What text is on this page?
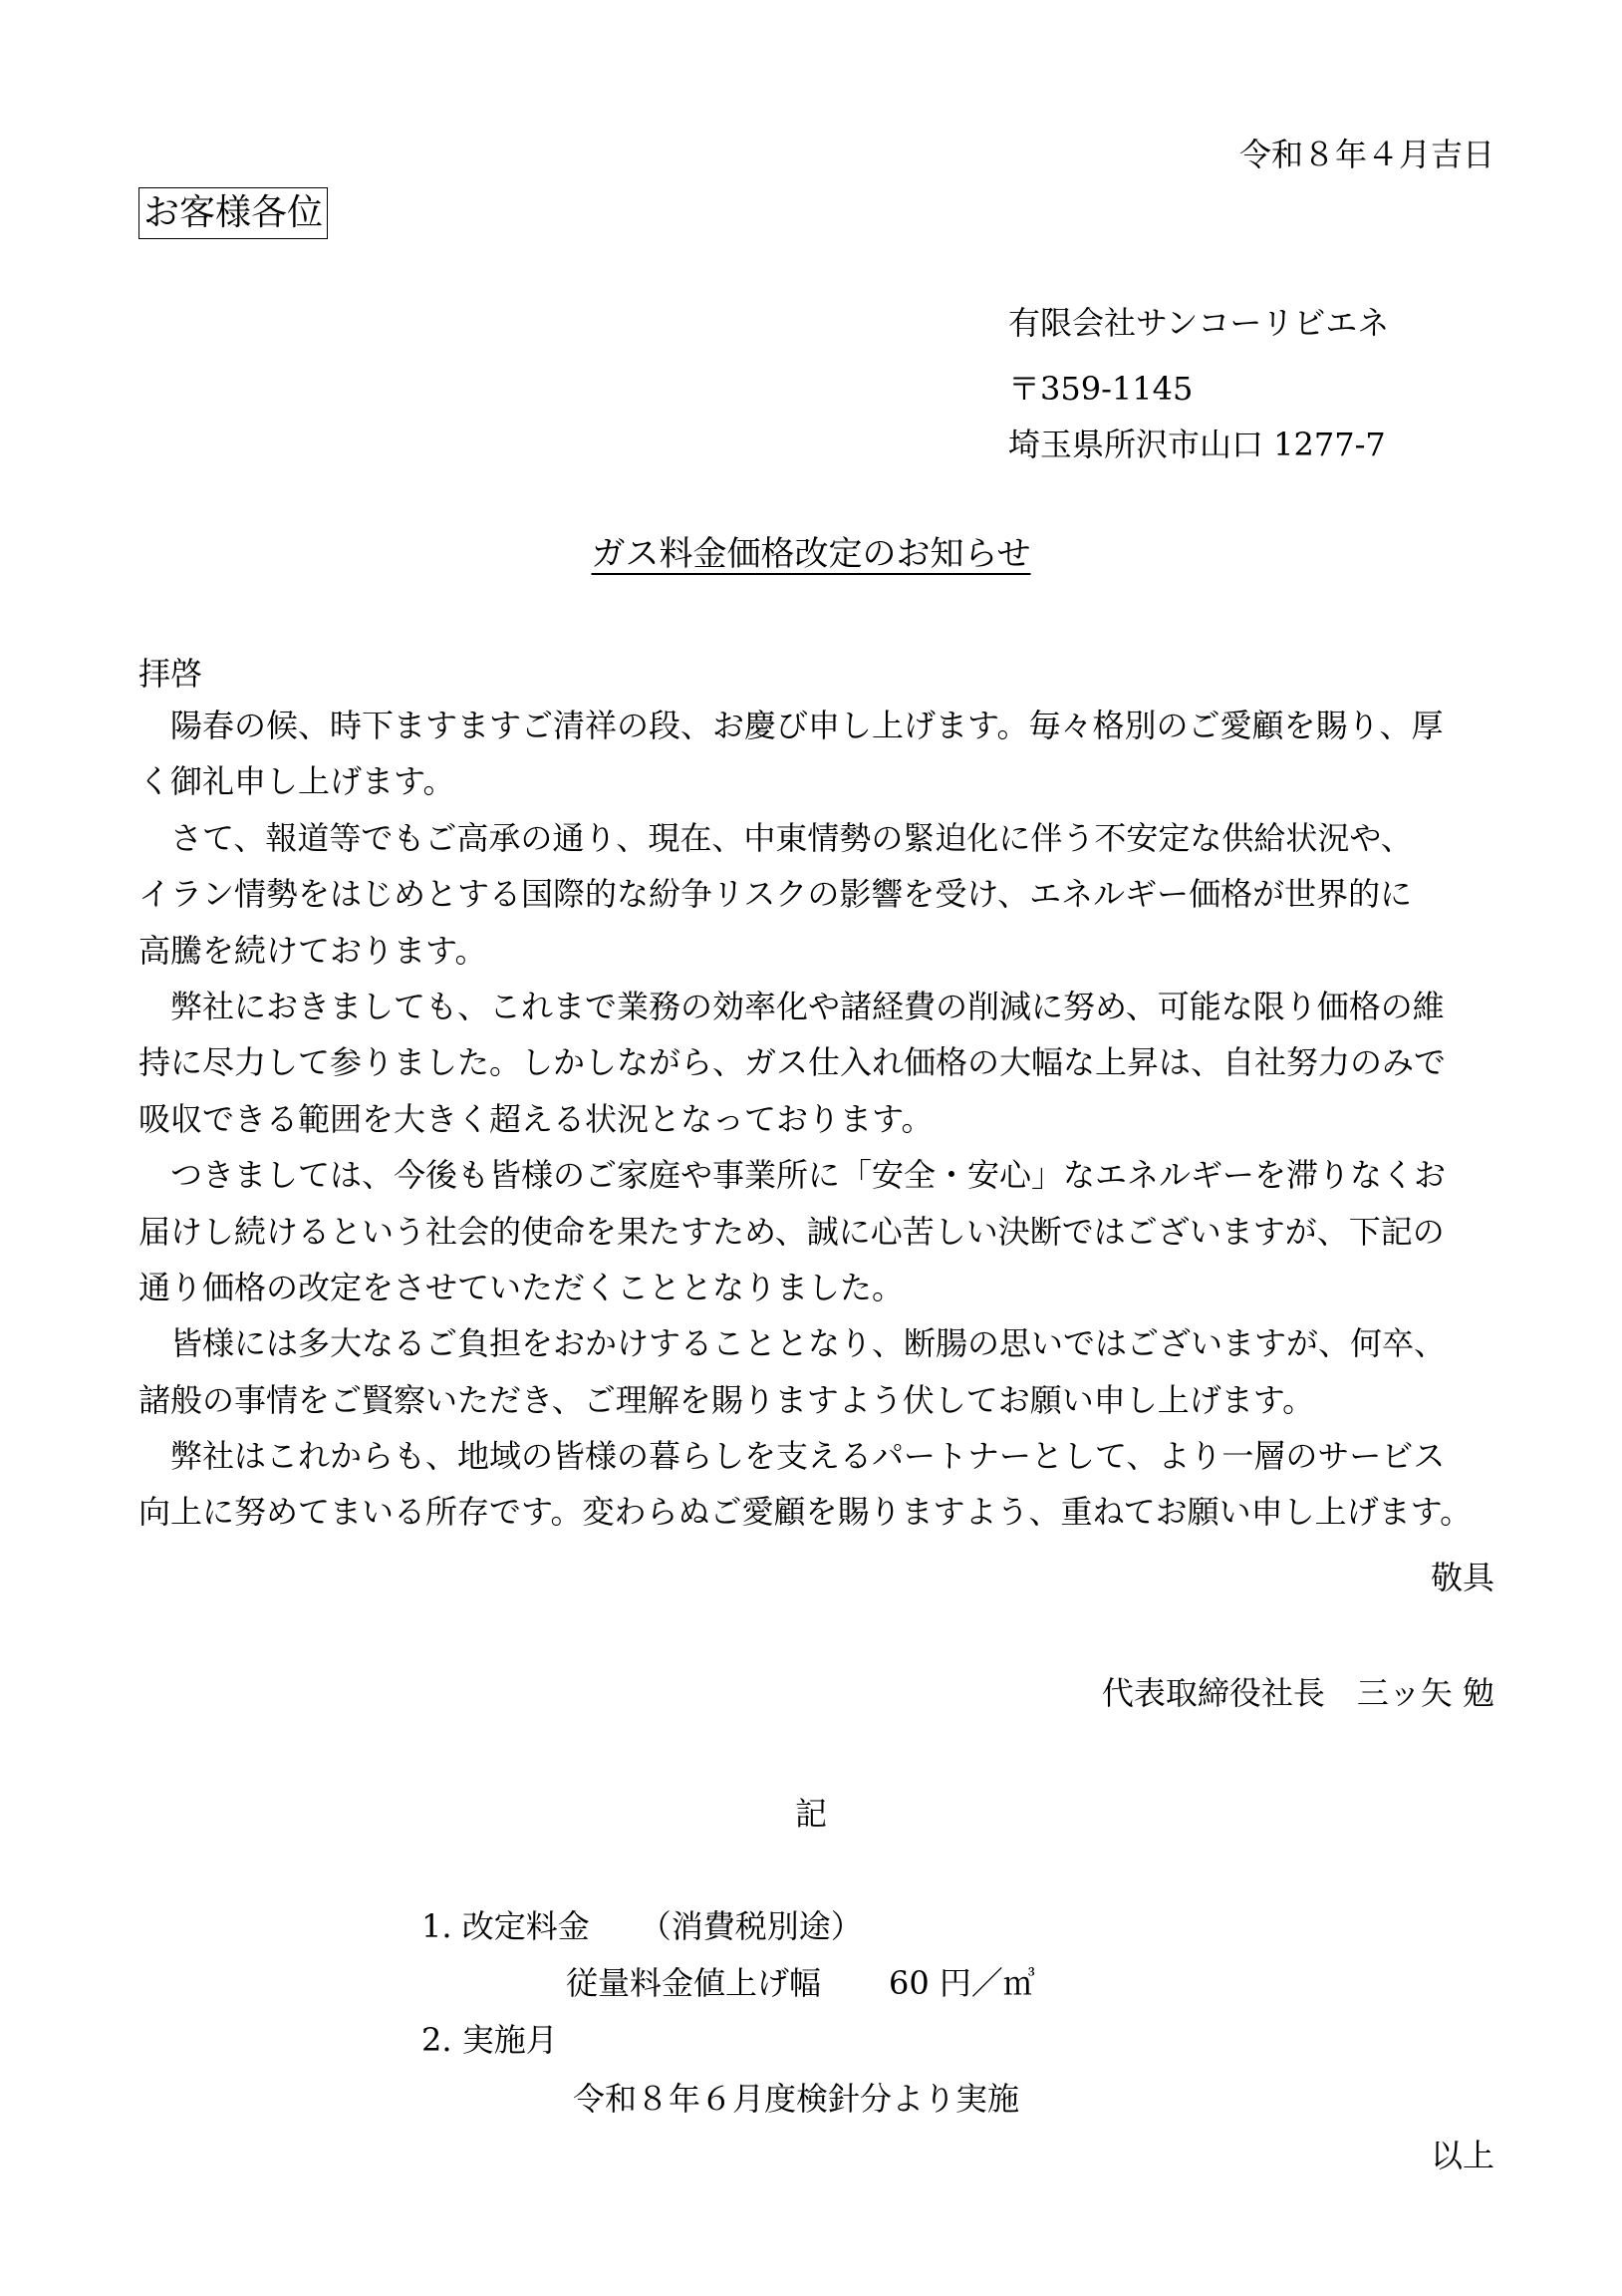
令和８年４月吉日
お客様各位
有限会社サンコーリビエネ
〒359-1145
埼玉県所沢市山口 1277-7
ガス料金価格改定のお知らせ
拝啓
　陽春の候、時下ますますご清祥の段、お慶び申し上げます。毎々格別のご愛顧を賜り、厚
く御礼申し上げます。
　さて、報道等でもご高承の通り、現在、中東情勢の緊迫化に伴う不安定な供給状況や、
イラン情勢をはじめとする国際的な紛争リスクの影響を受け、エネルギー価格が世界的に
高騰を続けております。
　弊社におきましても、これまで業務の効率化や諸経費の削減に努め、可能な限り価格の維
持に尽力して参りました。しかしながら、ガス仕入れ価格の大幅な上昇は、自社努力のみで
吸収できる範囲を大きく超える状況となっております。
　つきましては、今後も皆様のご家庭や事業所に「安全・安心」なエネルギーを滞りなくお
届けし続けるという社会的使命を果たすため、誠に心苦しい決断ではございますが、下記の
通り価格の改定をさせていただくこととなりました。
　皆様には多大なるご負担をおかけすることとなり、断腸の思いではございますが、何卒、
諸般の事情をご賢察いただき、ご理解を賜りますよう伏してお願い申し上げます。
　弊社はこれからも、地域の皆様の暮らしを支えるパートナーとして、より一層のサービス
向上に努めてまいる所存です。変わらぬご愛顧を賜りますよう、重ねてお願い申し上げます。
敬具
代表取締役社長　三ッ矢 勉
記
1. 改定料金 （消費税別途）
従量料金値上げ幅 60 円／㎥
2. 実施月
令和８年６月度検針分より実施
以上
